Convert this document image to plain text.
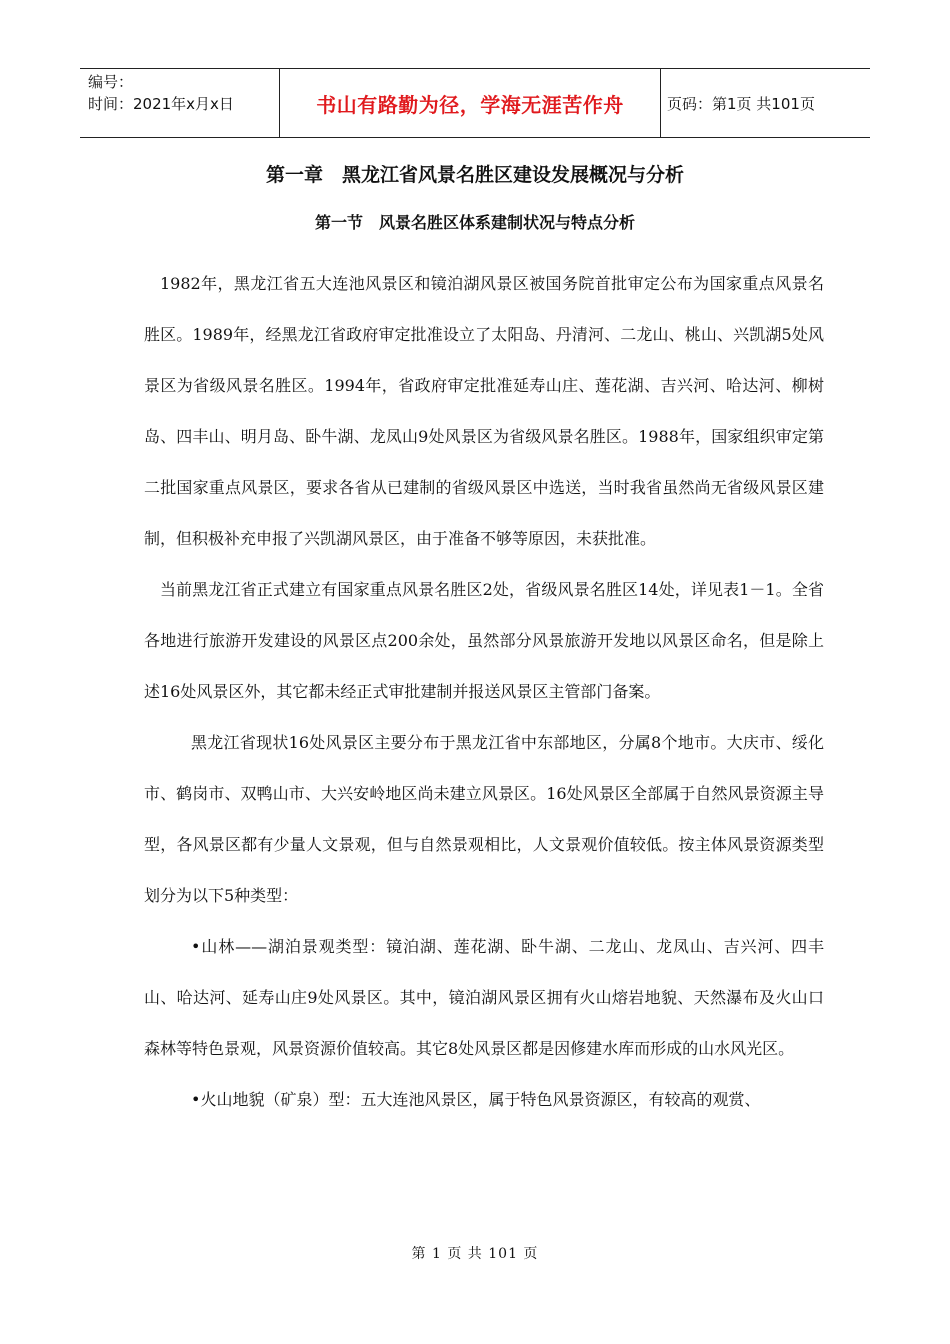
编号：
时间：2021年x月x日	书山有路勤为径，学海无涯苦作舟	页码：第1页 共101页
第一章　黑龙江省风景名胜区建设发展概况与分析
第一节　风景名胜区体系建制状况与特点分析

1982年，黑龙江省五大连池风景区和镜泊湖风景区被国务院首批审定公布为国家重点风景名胜区。1989年，经黑龙江省政府审定批准设立了太阳岛、丹清河、二龙山、桃山、兴凯湖5处风景区为省级风景名胜区。1994年，省政府审定批准延寿山庄、莲花湖、吉兴河、哈达河、柳树岛、四丰山、明月岛、卧牛湖、龙凤山9处风景区为省级风景名胜区。1988年，国家组织审定第二批国家重点风景区，要求各省从已建制的省级风景区中选送，当时我省虽然尚无省级风景区建制，但积极补充申报了兴凯湖风景区，由于准备不够等原因，未获批准。

当前黑龙江省正式建立有国家重点风景名胜区2处，省级风景名胜区14处，详见表1－1。全省各地进行旅游开发建设的风景区点200余处，虽然部分风景旅游开发地以风景区命名，但是除上述16处风景区外，其它都未经正式审批建制并报送风景区主管部门备案。

黑龙江省现状16处风景区主要分布于黑龙江省中东部地区，分属8个地市。大庆市、绥化市、鹤岗市、双鸭山市、大兴安岭地区尚未建立风景区。16处风景区全部属于自然风景资源主导型，各风景区都有少量人文景观，但与自然景观相比，人文景观价值较低。按主体风景资源类型划分为以下5种类型：

•山林——湖泊景观类型：镜泊湖、莲花湖、卧牛湖、二龙山、龙凤山、吉兴河、四丰山、哈达河、延寿山庄9处风景区。其中，镜泊湖风景区拥有火山熔岩地貌、天然瀑布及火山口森林等特色景观，风景资源价值较高。其它8处风景区都是因修建水库而形成的山水风光区。

•火山地貌（矿泉）型：五大连池风景区，属于特色风景资源区，有较高的观赏、

第 1 页 共 101 页
